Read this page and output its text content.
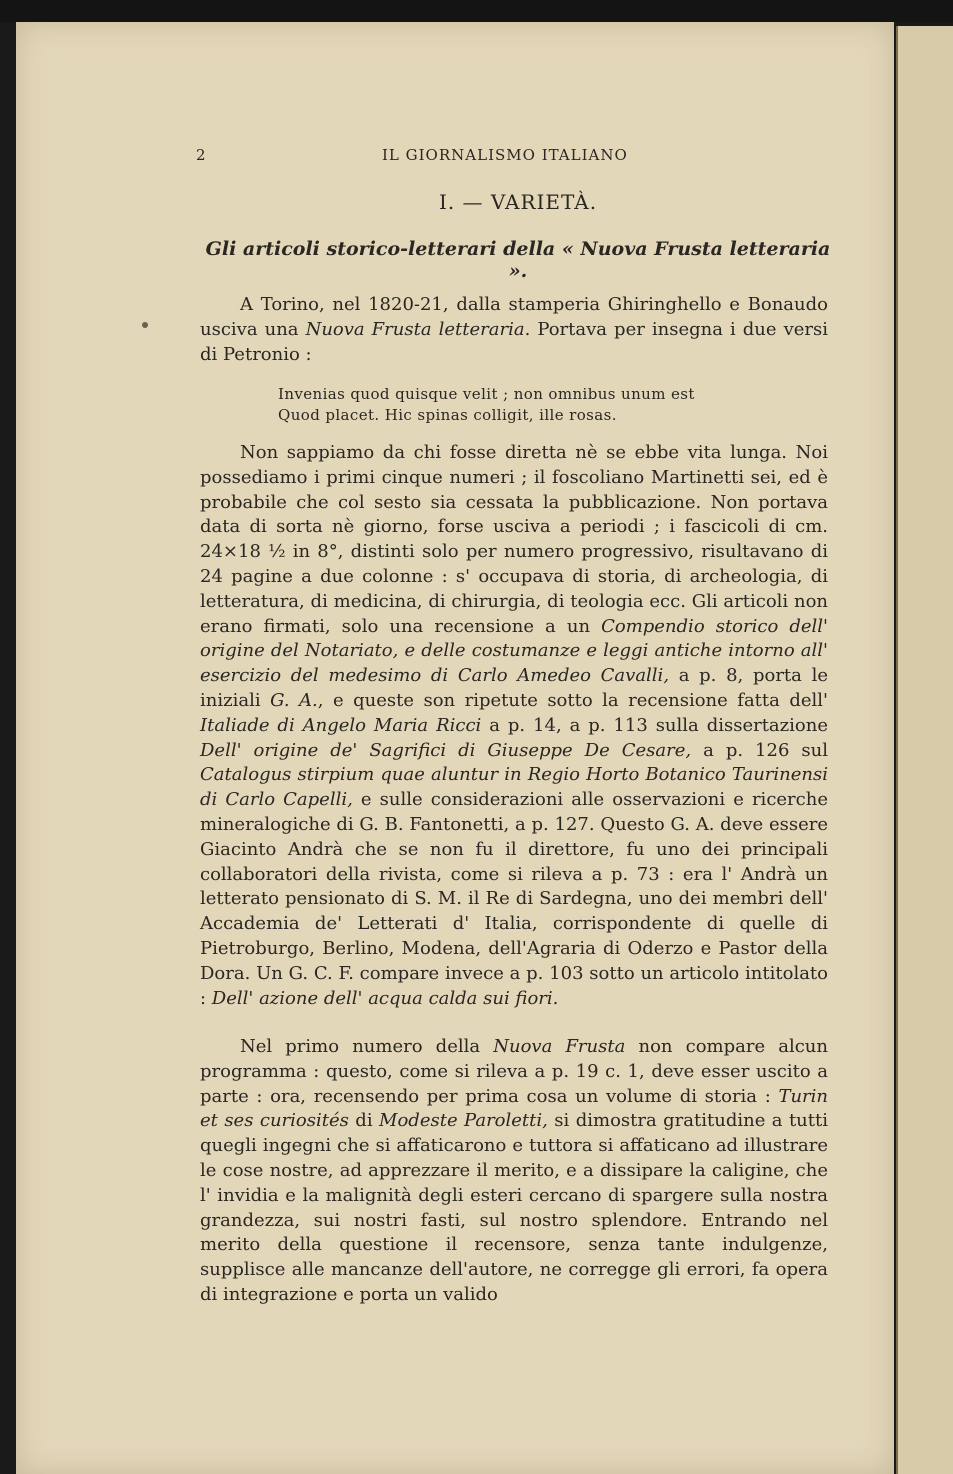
2	IL GIORNALISMO ITALIANO
I. — VARIETÀ.
Gli articoli storico-letterari della « Nuova Frusta letteraria ».
A Torino, nel 1820-21, dalla stamperia Ghiringhello e Bonaudo usciva una Nuova Frusta letteraria. Portava per insegna i due versi di Petronio :
Invenias quod quisque velit ; non omnibus unum est
Quod placet. Hic spinas colligit, ille rosas.
Non sappiamo da chi fosse diretta nè se ebbe vita lunga. Noi possediamo i primi cinque numeri ; il foscoliano Martinetti sei, ed è probabile che col sesto sia cessata la pubblicazione. Non portava data di sorta nè giorno, forse usciva a periodi ; i fascicoli di cm. 24×18 ½ in 8°, distinti solo per numero progressivo, risultavano di 24 pagine a due colonne : s' occupava di storia, di archeologia, di letteratura, di medicina, di chirurgia, di teologia ecc. Gli articoli non erano firmati, solo una recensione a un Compendio storico dell' origine del Notariato, e delle costumanze e leggi antiche intorno all' esercizio del medesimo di Carlo Amedeo Cavalli, a p. 8, porta le iniziali G. A., e queste son ripetute sotto la recensione fatta dell' Italiade di Angelo Maria Ricci a p. 14, a p. 113 sulla dissertazione Dell' origine de' Sagrifici di Giuseppe De Cesare, a p. 126 sul Catalogus stirpium quae aluntur in Regio Horto Botanico Taurinensi di Carlo Capelli, e sulle considerazioni alle osservazioni e ricerche mineralogiche di G. B. Fantonetti, a p. 127. Questo G. A. deve essere Giacinto Andrà che se non fu il direttore, fu uno dei principali collaboratori della rivista, come si rileva a p. 73 : era l' Andrà un letterato pensionato di S. M. il Re di Sardegna, uno dei membri dell' Accademia de' Letterati d' Italia, corrispondente di quelle di Pietroburgo, Berlino, Modena, dell'Agraria di Oderzo e Pastor della Dora. Un G. C. F. compare invece a p. 103 sotto un articolo intitolato : Dell' azione dell' acqua calda sui fiori.
Nel primo numero della Nuova Frusta non compare alcun programma : questo, come si rileva a p. 19 c. 1, deve esser uscito a parte : ora, recensendo per prima cosa un volume di storia : Turin et ses curiosités di Modeste Paroletti, si dimostra gratitudine a tutti quegli ingegni che si affaticarono e tuttora si affaticano ad illustrare le cose nostre, ad apprezzare il merito, e a dissipare la caligine, che l' invidia e la malignità degli esteri cercano di spargere sulla nostra grandezza, sui nostri fasti, sul nostro splendore. Entrando nel merito della questione il recensore, senza tante indulgenze, supplisce alle mancanze dell'autore, ne corregge gli errori, fa opera di integrazione e porta un valido
